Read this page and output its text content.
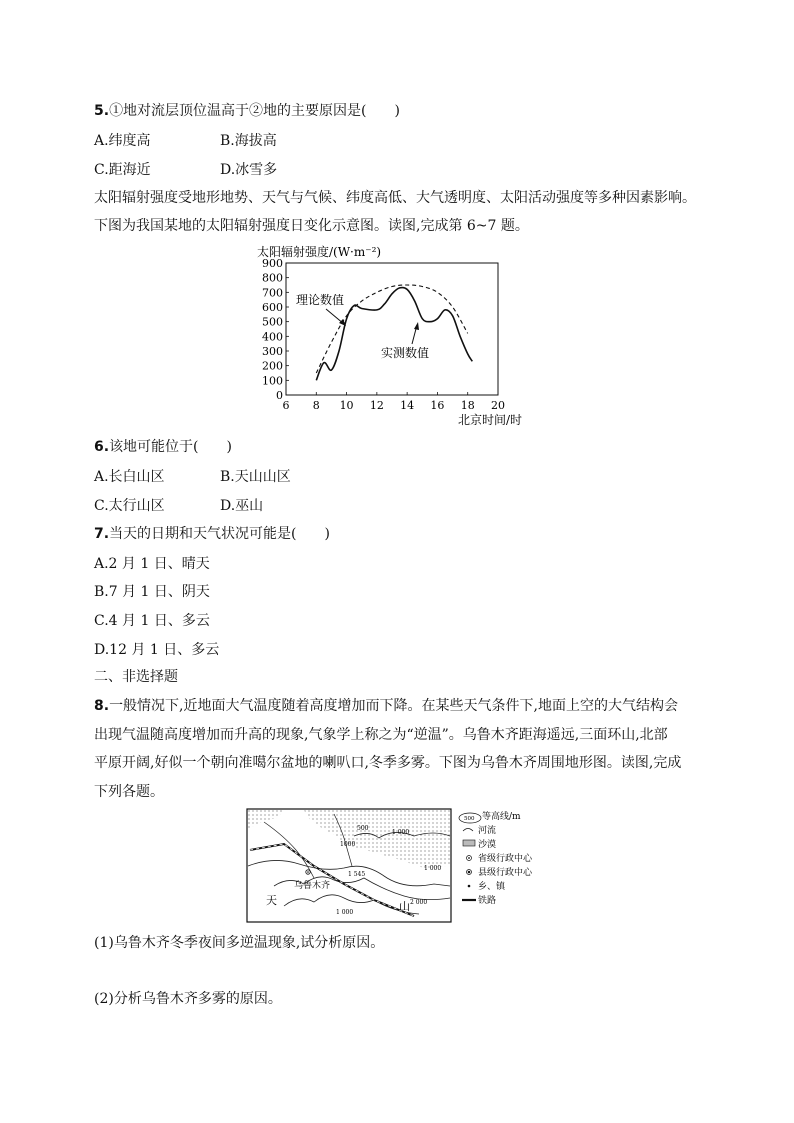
5.①地对流层顶位温高于②地的主要原因是(　　)
A.纬度高	B.海拔高
C.距海近	D.冰雪多
太阳辐射强度受地形地势、天气与气候、纬度高低、大气透明度、太阳活动强度等多种因素影响。
下图为我国某地的太阳辐射强度日变化示意图。读图,完成第 6~7 题。
太阳辐射强度/(W·m⁻²)
0
100
200
300
400
500
600
700
800
900
6 8 10 12 14 16 18 20
理论数值
实测数值
北京时间/时
6.该地可能位于(　　)
A.长白山区	B.天山山区
C.太行山区	D.巫山
7.当天的日期和天气状况可能是(　　)
A.2 月 1 日、晴天
B.7 月 1 日、阴天
C.4 月 1 日、多云
D.12 月 1 日、多云
二、非选择题
8.一般情况下,近地面大气温度随着高度增加而下降。在某些天气条件下,地面上空的大气结构会
出现气温随高度增加而升高的现象,气象学上称之为“逆温”。乌鲁木齐距海遥远,三面环山,北部
平原开阔,好似一个朝向准噶尔盆地的喇叭口,冬季多雾。下图为乌鲁木齐周围地形图。读图,完成
下列各题。
500
1 000
1000
1 000
2 000
1 000
1 545
乌鲁木齐
天	山
500 等高线/m
河流
沙漠
省级行政中心
县级行政中心
乡、镇
铁路
(1)乌鲁木齐冬季夜间多逆温现象,试分析原因。
(2)分析乌鲁木齐多雾的原因。
